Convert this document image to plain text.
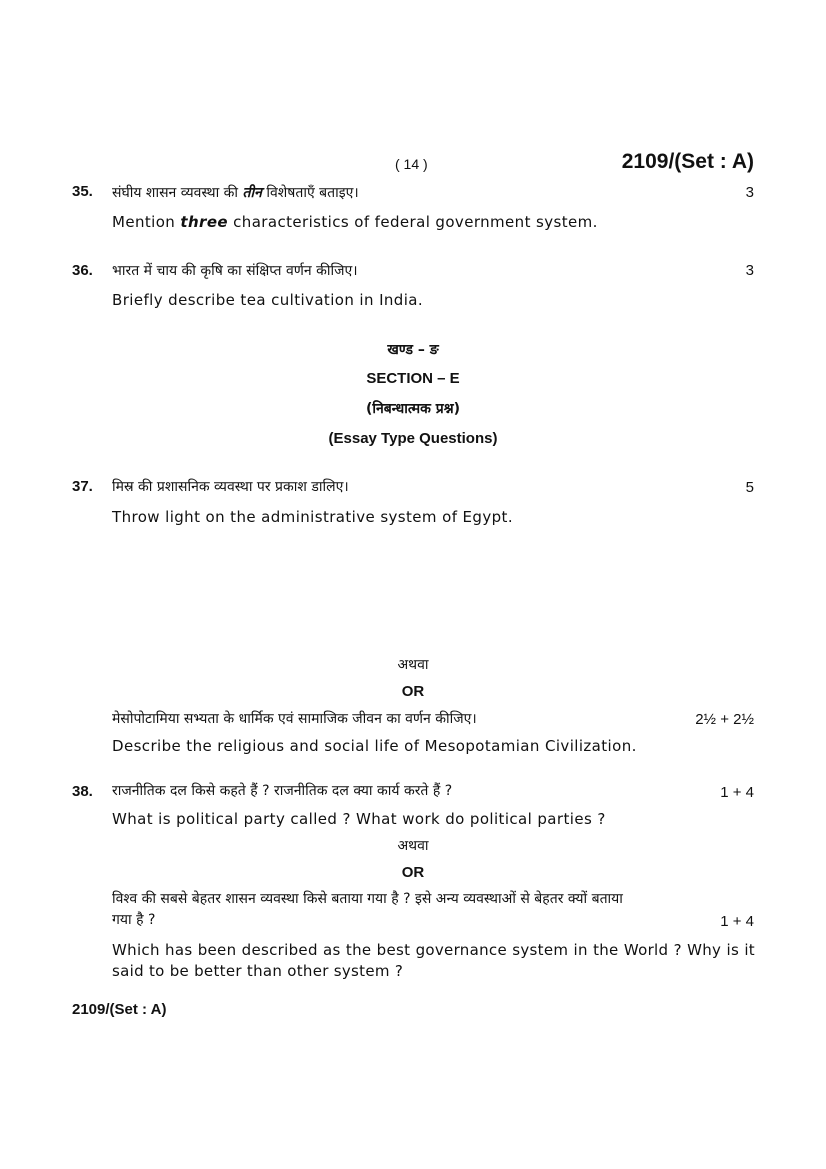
( 14 )	2109/(Set : A)
35. संघीय शासन व्यवस्था की तीन विशेषताएँ बताइए।	3
Mention three characteristics of federal government system.
36. भारत में चाय की कृषि का संक्षिप्त वर्णन कीजिए।	3
Briefly describe tea cultivation in India.
खण्ड – ङ
SECTION – E
(निबन्धात्मक प्रश्न)
(Essay Type Questions)
37. मिस्र की प्रशासनिक व्यवस्था पर प्रकाश डालिए।	5
Throw light on the administrative system of Egypt.
अथवा
OR
मेसोपोटामिया सभ्यता के धार्मिक एवं सामाजिक जीवन का वर्णन कीजिए।	2½ + 2½
Describe the religious and social life of Mesopotamian Civilization.
38. राजनीतिक दल किसे कहते हैं ? राजनीतिक दल क्या कार्य करते हैं ?	1 + 4
What is political party called ? What work do political parties ?
अथवा
OR
विश्व की सबसे बेहतर शासन व्यवस्था किसे बताया गया है ? इसे अन्य व्यवस्थाओं से बेहतर क्यों बताया
गया है ?	1 + 4
Which has been described as the best governance system in the World ? Why is it said to be better than other system ?
2109/(Set : A)
